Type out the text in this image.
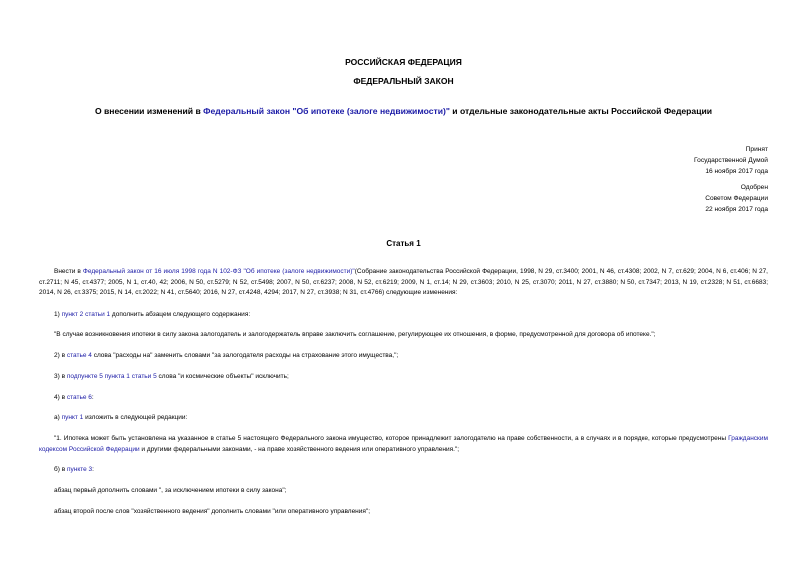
РОССИЙСКАЯ ФЕДЕРАЦИЯ
ФЕДЕРАЛЬНЫЙ ЗАКОН
О внесении изменений в Федеральный закон "Об ипотеке (залоге недвижимости)" и отдельные законодательные акты Российской Федерации
Принят
Государственной Думой
16 ноября 2017 года
Одобрен
Советом Федерации
22 ноября 2017 года
Статья 1

Внести в Федеральный закон от 16 июля 1998 года N 102-ФЗ "Об ипотеке (залоге недвижимости)"(Собрание законодательства Российской Федерации, 1998, N 29, ст.3400; 2001, N 46, ст.4308; 2002, N 7, ст.629; 2004, N 6, ст.406; N 27, ст.2711; N 45, ст.4377; 2005, N 1, ст.40, 42; 2006, N 50, ст.5279; N 52, ст.5498; 2007, N 50, ст.6237; 2008, N 52, ст.6219; 2009, N 1, ст.14; N 29, ст.3603; 2010, N 25, ст.3070; 2011, N 27, ст.3880; N 50, ст.7347; 2013, N 19, ст.2328; N 51, ст.6683; 2014, N 26, ст.3375; 2015, N 14, ст.2022; N 41, ст.5640; 2016, N 27, ст.4248, 4294; 2017, N 27, ст.3938; N 31, ст.4766) следующие изменения:

1) пункт 2 статьи 1 дополнить абзацем следующего содержания:

"В случае возникновения ипотеки в силу закона залогодатель и залогодержатель вправе заключить соглашение, регулирующее их отношения, в форме, предусмотренной для договора об ипотеке.";

2) в статье 4 слова "расходы на" заменить словами "за залогодателя расходы на страхование этого имущества,";

3) в подпункте 5 пункта 1 статьи 5 слова "и космические объекты" исключить;

4) в статье 6:

а) пункт 1 изложить в следующей редакции:

"1. Ипотека может быть установлена на указанное в статье 5 настоящего Федерального закона имущество, которое принадлежит залогодателю на праве собственности, а в случаях и в порядке, которые предусмотрены Гражданским кодексом Российской Федерации и другими федеральными законами, - на праве хозяйственного ведения или оперативного управления.";

б) в пункте 3:

абзац первый дополнить словами ", за исключением ипотеки в силу закона";

абзац второй после слов "хозяйственного ведения" дополнить словами "или оперативного управления";
